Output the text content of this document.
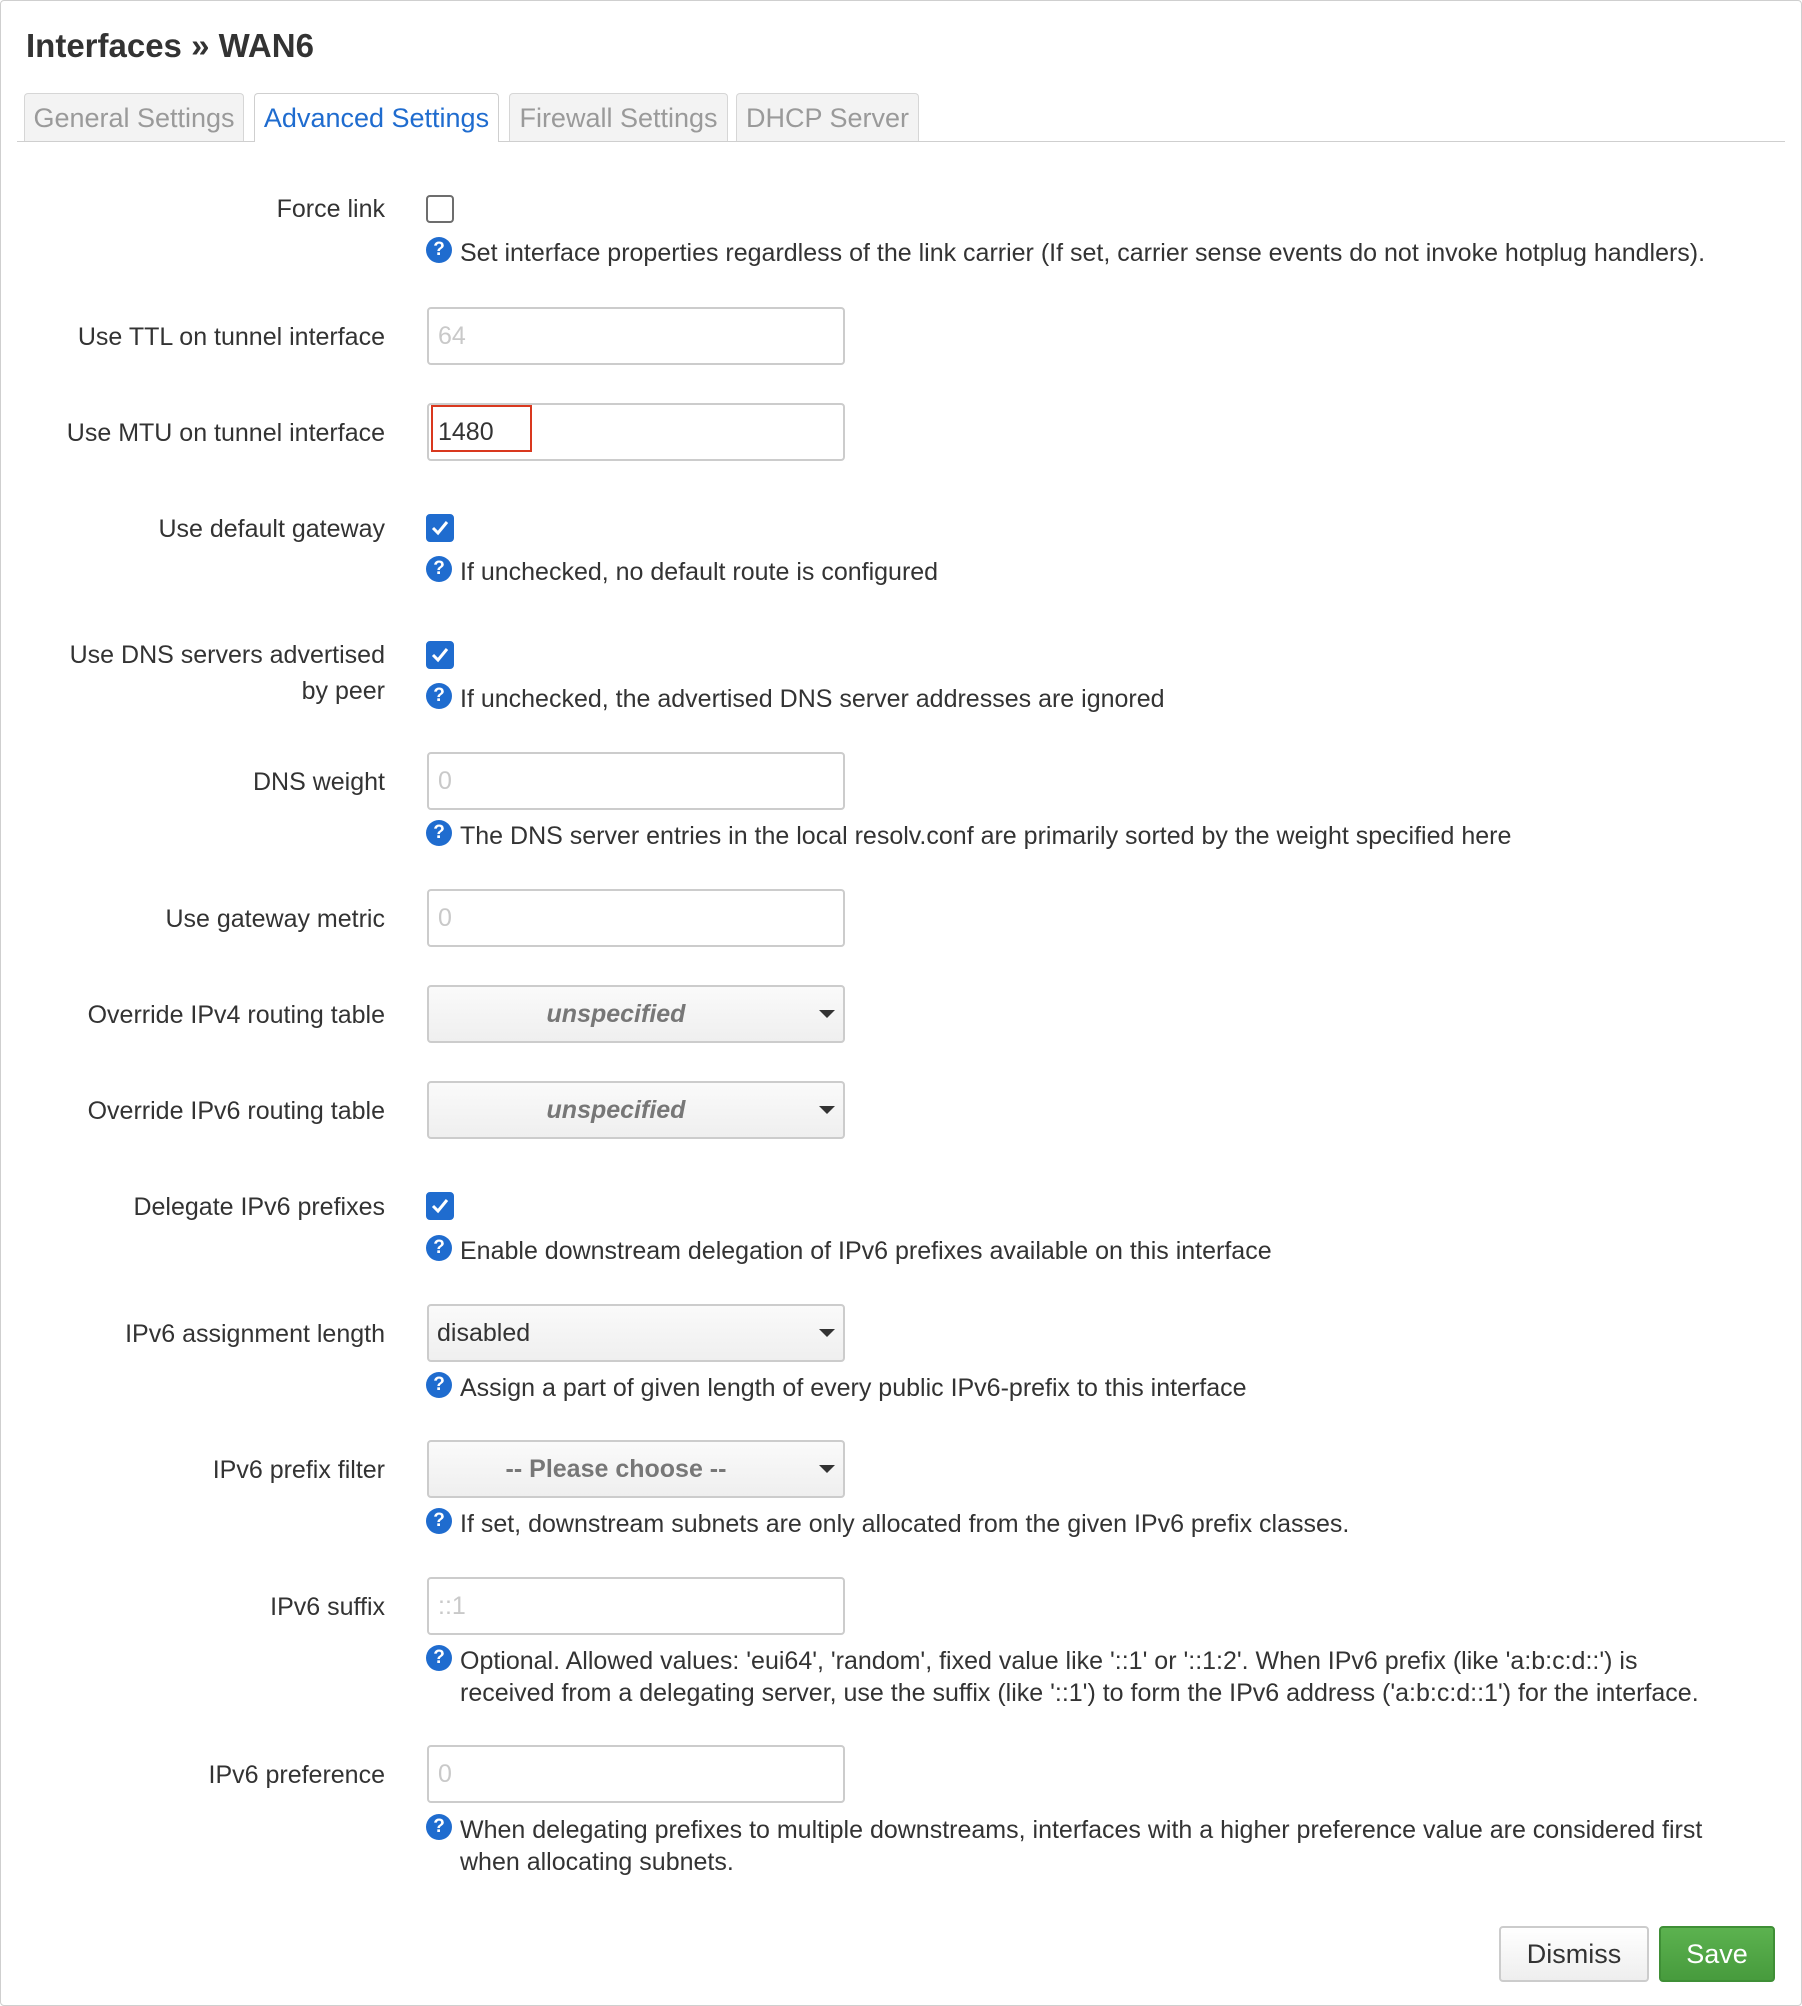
Interfaces » WAN6
General Settings	Advanced Settings	Firewall Settings	DHCP Server
Force link
? Set interface properties regardless of the link carrier (If set, carrier sense events do not invoke hotplug handlers).
Use TTL on tunnel interface	64
Use MTU on tunnel interface	1480
Use default gateway
? If unchecked, no default route is configured
Use DNS servers advertised
by peer	? If unchecked, the advertised DNS server addresses are ignored
DNS weight	0
? The DNS server entries in the local resolv.conf are primarily sorted by the weight specified here
Use gateway metric	0
Override IPv4 routing table	unspecified
Override IPv6 routing table	unspecified
Delegate IPv6 prefixes
? Enable downstream delegation of IPv6 prefixes available on this interface
IPv6 assignment length	disabled
? Assign a part of given length of every public IPv6-prefix to this interface
IPv6 prefix filter	-- Please choose --
? If set, downstream subnets are only allocated from the given IPv6 prefix classes.
IPv6 suffix	::1
? Optional. Allowed values: 'eui64', 'random', fixed value like '::1' or '::1:2'. When IPv6 prefix (like 'a:b:c:d::') is
received from a delegating server, use the suffix (like '::1') to form the IPv6 address ('a:b:c:d::1') for the interface.
IPv6 preference	0
? When delegating prefixes to multiple downstreams, interfaces with a higher preference value are considered first
when allocating subnets.
Dismiss	Save
